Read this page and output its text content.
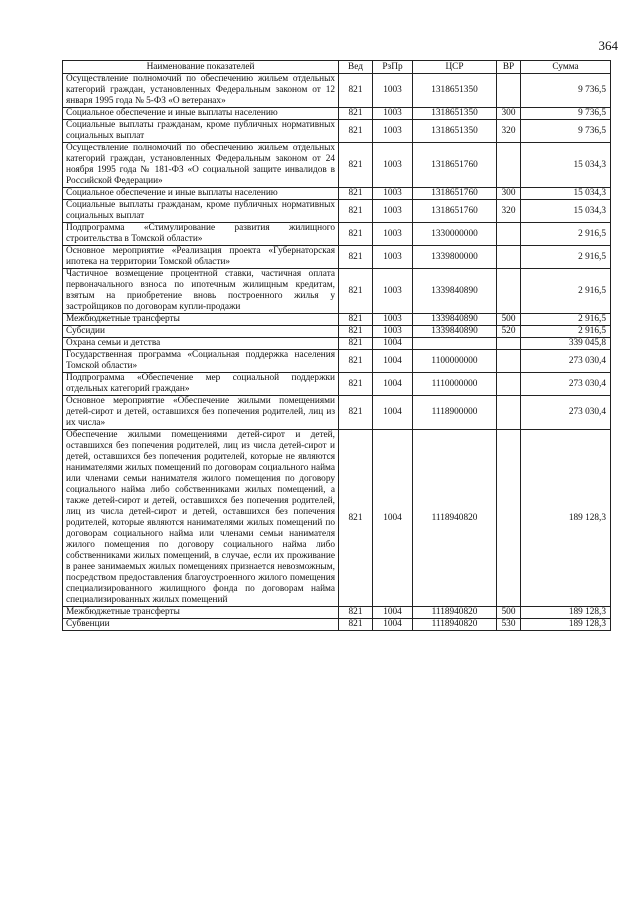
364
Наименование показателей	Вед	РзПр	ЦСР	ВР	Сумма
Осуществление полномочий по обеспечению жильем отдельных категорий граждан, установленных Федеральным законом от 12 января 1995 года № 5-ФЗ «О ветеранах»	821	1003	1318651350		9 736,5
Социальное обеспечение и иные выплаты населению	821	1003	1318651350	300	9 736,5
Социальные выплаты гражданам, кроме публичных нормативных социальных выплат	821	1003	1318651350	320	9 736,5
Осуществление полномочий по обеспечению жильем отдельных категорий граждан, установленных Федеральным законом от 24 ноября 1995 года № 181-ФЗ «О социальной защите инвалидов в Российской Федерации»	821	1003	1318651760		15 034,3
Социальное обеспечение и иные выплаты населению	821	1003	1318651760	300	15 034,3
Социальные выплаты гражданам, кроме публичных нормативных социальных выплат	821	1003	1318651760	320	15 034,3
Подпрограмма «Стимулирование развития жилищного строительства в Томской области»	821	1003	1330000000		2 916,5
Основное мероприятие «Реализация проекта «Губернаторская ипотека на территории Томской области»	821	1003	1339800000		2 916,5
Частичное возмещение процентной ставки, частичная оплата первоначального взноса по ипотечным жилищным кредитам, взятым на приобретение вновь построенного жилья у застройщиков по договорам купли-продажи	821	1003	1339840890		2 916,5
Межбюджетные трансферты	821	1003	1339840890	500	2 916,5
Субсидии	821	1003	1339840890	520	2 916,5
Охрана семьи и детства	821	1004			339 045,8
Государственная программа «Социальная поддержка населения Томской области»	821	1004	1100000000		273 030,4
Подпрограмма «Обеспечение мер социальной поддержки отдельных категорий граждан»	821	1004	1110000000		273 030,4
Основное мероприятие «Обеспечение жилыми помещениями детей-сирот и детей, оставшихся без попечения родителей, лиц из их числа»	821	1004	1118900000		273 030,4
Обеспечение жилыми помещениями детей-сирот и детей, оставшихся без попечения родителей, лиц из числа детей-сирот и детей, оставшихся без попечения родителей, которые не являются нанимателями жилых помещений по договорам социального найма или членами семьи нанимателя жилого помещения по договору социального найма либо собственниками жилых помещений, а также детей-сирот и детей, оставшихся без попечения родителей, лиц из числа детей-сирот и детей, оставшихся без попечения родителей, которые являются нанимателями жилых помещений по договорам социального найма или членами семьи нанимателя жилого помещения по договору социального найма либо собственниками жилых помещений, в случае, если их проживание в ранее занимаемых жилых помещениях признается невозможным, посредством предоставления благоустроенного жилого помещения специализированного жилищного фонда по договорам найма специализированных жилых помещений	821	1004	1118940820		189 128,3
Межбюджетные трансферты	821	1004	1118940820	500	189 128,3
Субвенции	821	1004	1118940820	530	189 128,3
